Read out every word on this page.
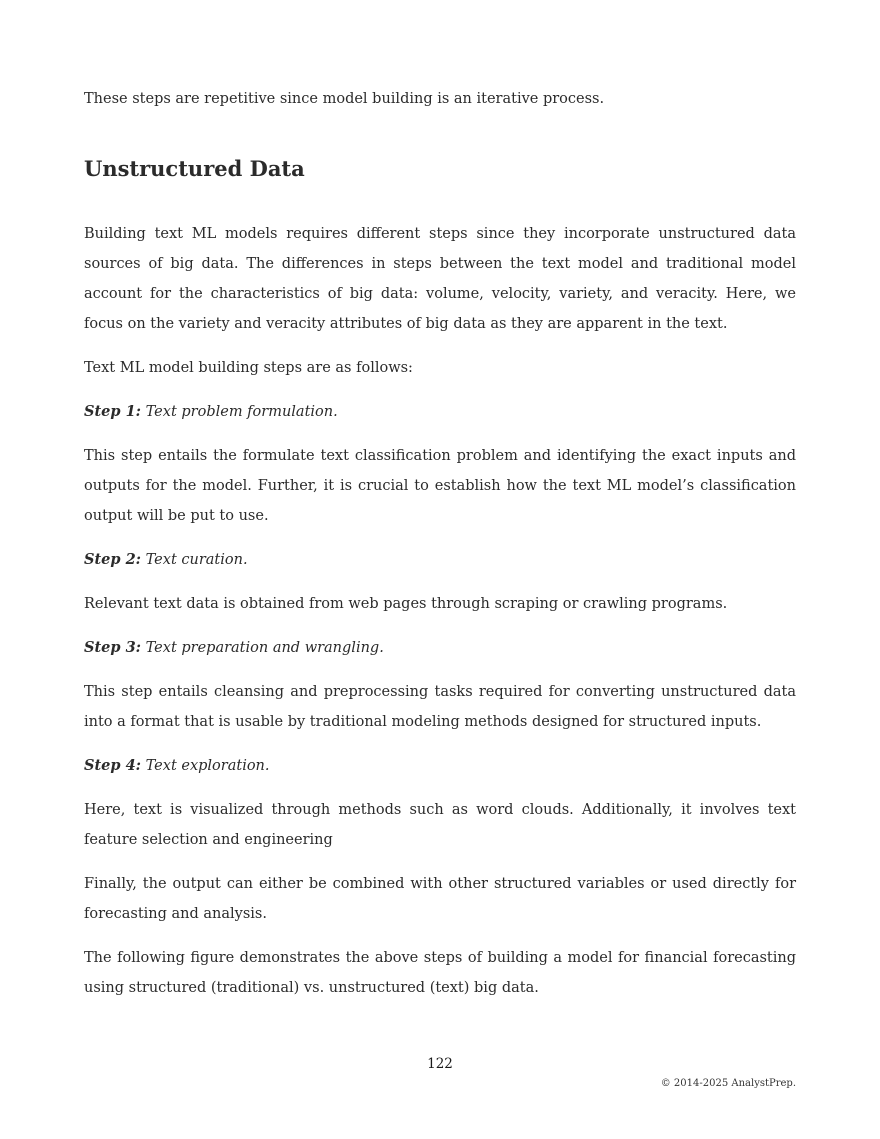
These steps are repetitive since model building is an iterative process.

Unstructured Data

Building text ML models requires different steps since they incorporate unstructured data sources of big data. The differences in steps between the text model and traditional model account for the characteristics of big data: volume, velocity, variety, and veracity. Here, we focus on the variety and veracity attributes of big data as they are apparent in the text.

Text ML model building steps are as follows:

Step 1: Text problem formulation.

This step entails the formulate text classification problem and identifying the exact inputs and outputs for the model. Further, it is crucial to establish how the text ML model’s classification output will be put to use.

Step 2: Text curation.

Relevant text data is obtained from web pages through scraping or crawling programs.

Step 3: Text preparation and wrangling.

This step entails cleansing and preprocessing tasks required for converting unstructured data into a format that is usable by traditional modeling methods designed for structured inputs.

Step 4: Text exploration.

Here, text is visualized through methods such as word clouds. Additionally, it involves text feature selection and engineering

Finally, the output can either be combined with other structured variables or used directly for forecasting and analysis.

The following figure demonstrates the above steps of building a model for financial forecasting using structured (traditional) vs. unstructured (text) big data.

122
© 2014-2025 AnalystPrep.
